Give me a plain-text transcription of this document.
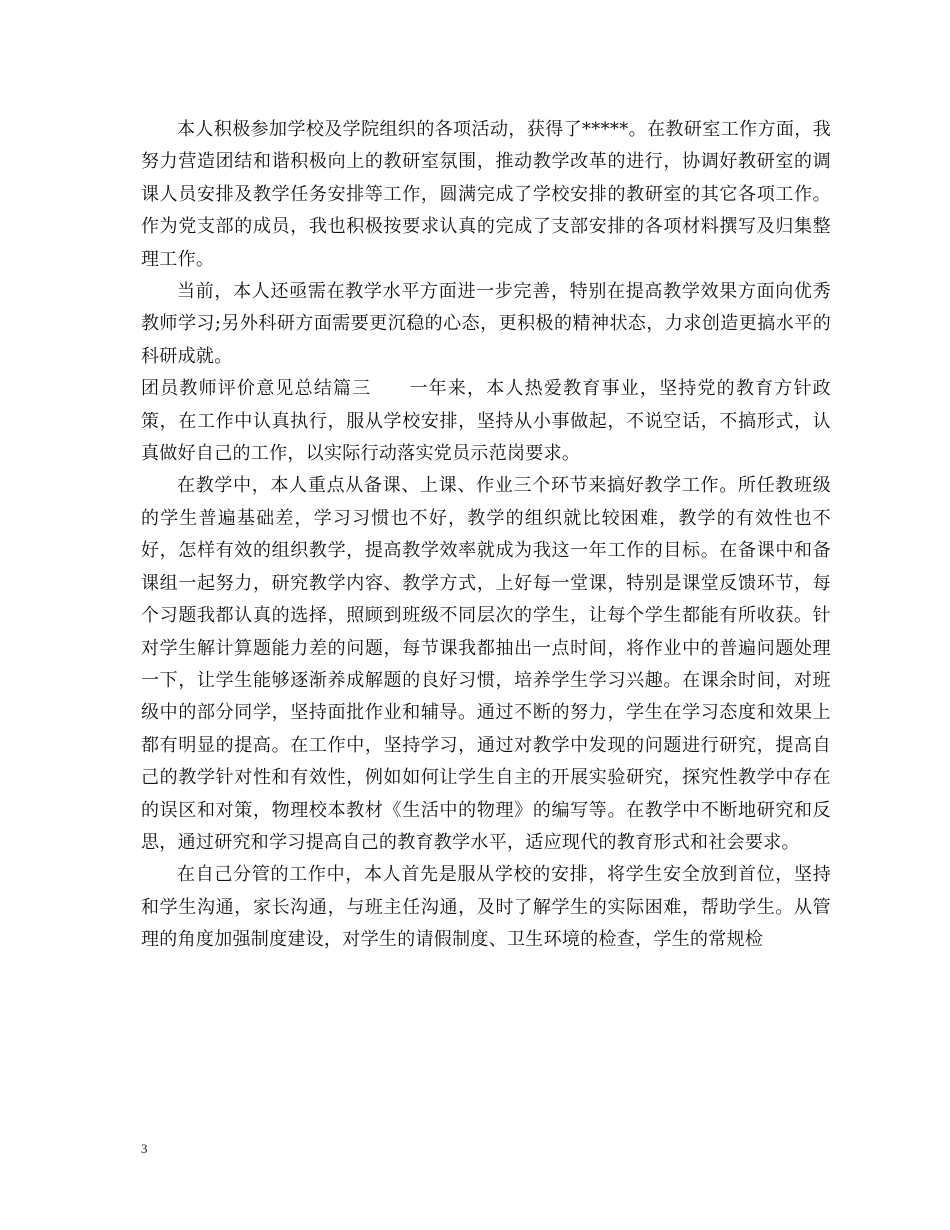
本人积极参加学校及学院组织的各项活动，获得了*****。在教研室工作方面，我努力营造团结和谐积极向上的教研室氛围，推动教学改革的进行，协调好教研室的调课人员安排及教学任务安排等工作，圆满完成了学校安排的教研室的其它各项工作。作为党支部的成员，我也积极按要求认真的完成了支部安排的各项材料撰写及归集整理工作。

当前，本人还亟需在教学水平方面进一步完善，特别在提高教学效果方面向优秀教师学习;另外科研方面需要更沉稳的心态，更积极的精神状态，力求创造更搞水平的科研成就。

团员教师评价意见总结篇三 一年来，本人热爱教育事业，坚持党的教育方针政策，在工作中认真执行，服从学校安排，坚持从小事做起，不说空话，不搞形式，认真做好自己的工作，以实际行动落实党员示范岗要求。

在教学中，本人重点从备课、上课、作业三个环节来搞好教学工作。所任教班级的学生普遍基础差，学习习惯也不好，教学的组织就比较困难，教学的有效性也不好，怎样有效的组织教学，提高教学效率就成为我这一年工作的目标。在备课中和备课组一起努力，研究教学内容、教学方式，上好每一堂课，特别是课堂反馈环节，每个习题我都认真的选择，照顾到班级不同层次的学生，让每个学生都能有所收获。针对学生解计算题能力差的问题，每节课我都抽出一点时间，将作业中的普遍问题处理一下，让学生能够逐渐养成解题的良好习惯，培养学生学习兴趣。在课余时间，对班级中的部分同学，坚持面批作业和辅导。通过不断的努力，学生在学习态度和效果上都有明显的提高。在工作中，坚持学习，通过对教学中发现的问题进行研究，提高自己的教学针对性和有效性，例如如何让学生自主的开展实验研究，探究性教学中存在的误区和对策，物理校本教材《生活中的物理》的编写等。在教学中不断地研究和反思，通过研究和学习提高自己的教育教学水平，适应现代的教育形式和社会要求。

在自己分管的工作中，本人首先是服从学校的安排，将学生安全放到首位，坚持和学生沟通，家长沟通，与班主任沟通，及时了解学生的实际困难，帮助学生。从管理的角度加强制度建设，对学生的请假制度、卫生环境的检查，学生的常规检

3
